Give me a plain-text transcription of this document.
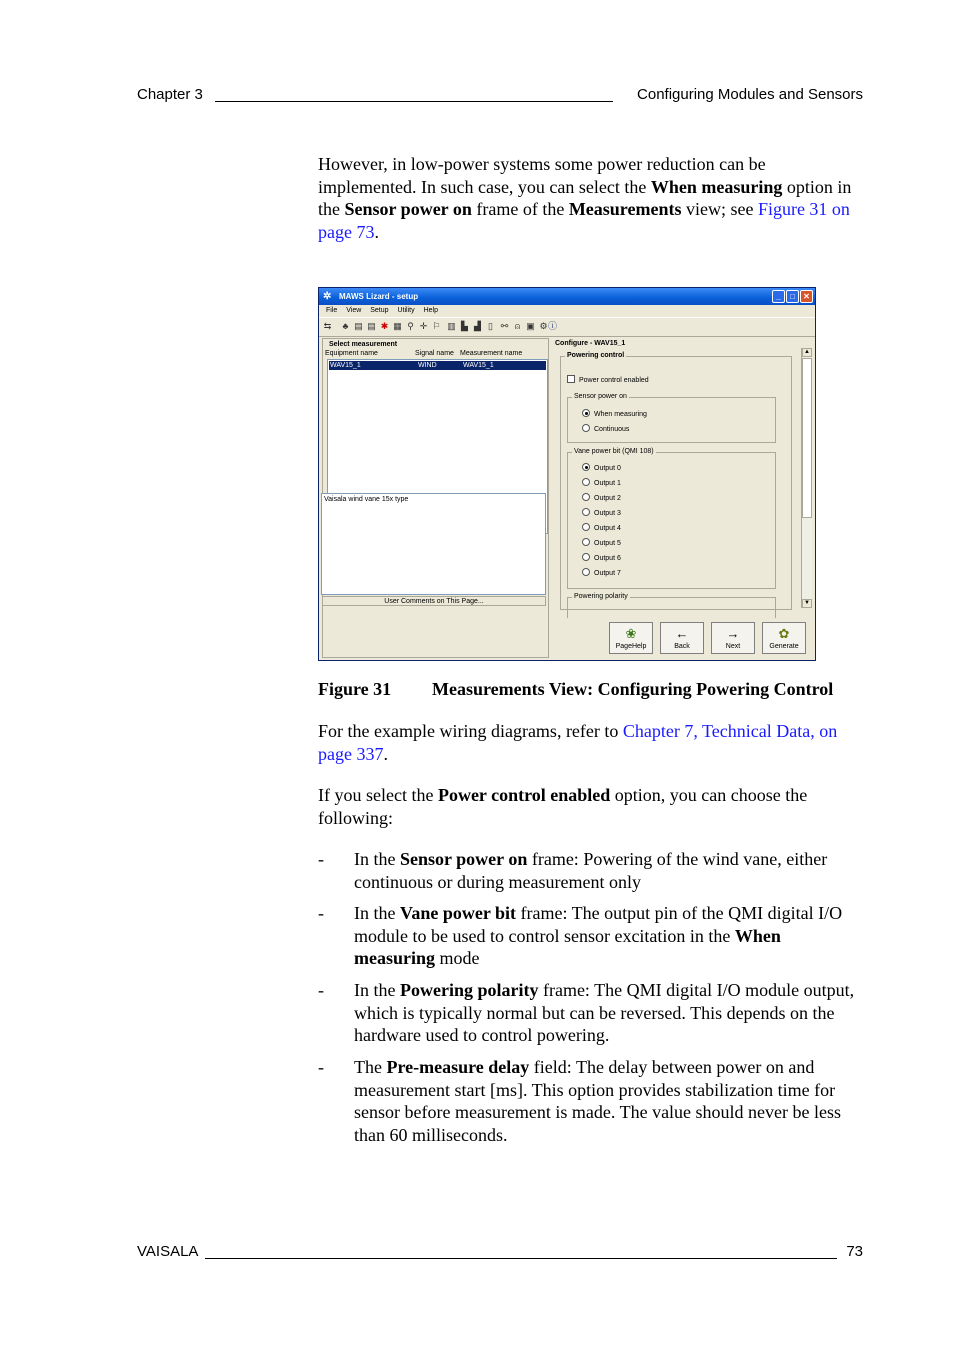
Chapter 3	Configuring Modules and Sensors
However, in low-power systems some power reduction can be implemented. In such case, you can select the When measuring option in the Sensor power on frame of the Measurements view; see Figure 31 on page 73.
✲ MAWS Lizard - setup	_	□	✕
File View Setup Utility Help
⇆ ♣ ▤ ▤ ✱ ▦ ⚲ ✛ ⚐ ▥ ▙ ▟ ▯ ⚯ ⍝ ▣ ⚙ ⓘ
Select measurement
Equipment name	Signal name Measurement name
WAV15_1	WIND	WAV15_1
Vaisala wind vane 15x type
User Comments on This Page...
Configure - WAV15_1
Powering control
Power control enabled
Sensor power on
When measuring
Continuous
Vane power bit (QMI 108)
Output 0
Output 1
Output 2
Output 3
Output 4
Output 5
Output 6
Output 7
Powering polarity
▲
▼
❀
PageHelp
←
Back
→
Next
✿
Generate
Figure 31 Measurements View: Configuring Powering Control
For the example wiring diagrams, refer to Chapter 7, Technical Data, on page 337.
If you select the Power control enabled option, you can choose the following:
- In the Sensor power on frame: Powering of the wind vane, either continuous or during measurement only
- In the Vane power bit frame: The output pin of the QMI digital I/O module to be used to control sensor excitation in the When measuring mode
- In the Powering polarity frame: The QMI digital I/O module output, which is typically normal but can be reversed. This depends on the hardware used to control powering.
- The Pre-measure delay field: The delay between power on and measurement start [ms]. This option provides stabilization time for sensor before measurement is made. The value should never be less than 60 milliseconds.
VAISALA	73
